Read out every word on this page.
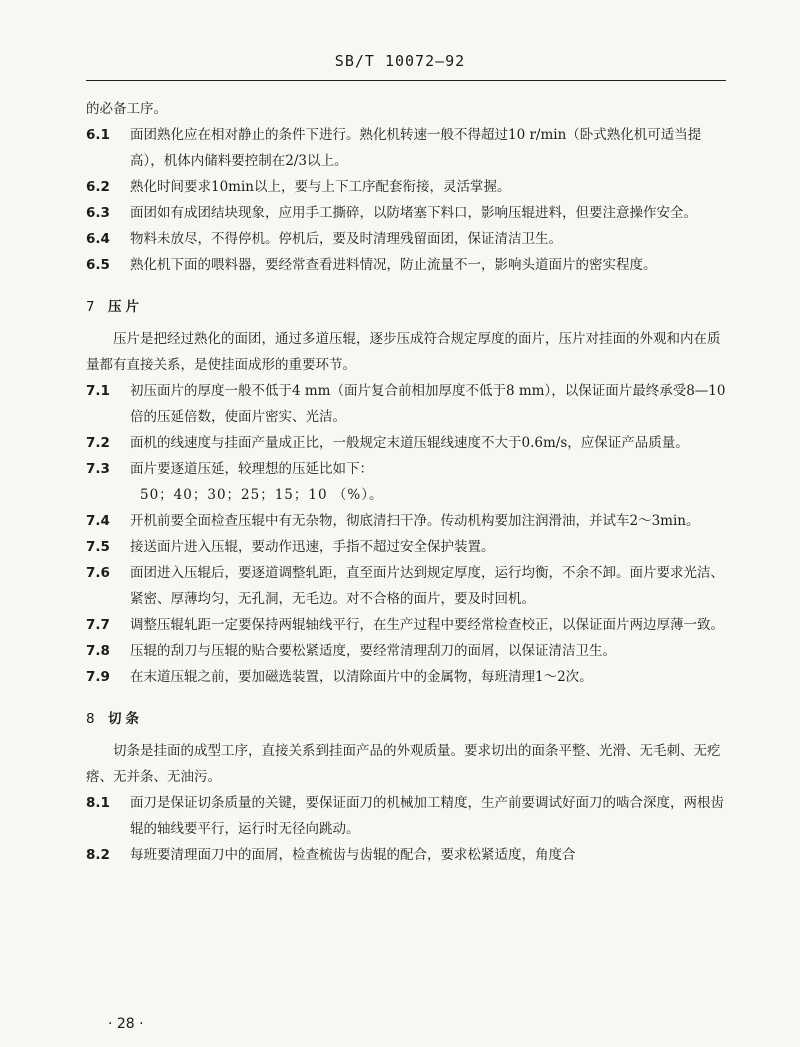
SB/T 10072—92

的必备工序。

6.1	面团熟化应在相对静止的条件下进行。熟化机转速一般不得超过10 r/min（卧式熟化机可适当提高），机体内储料要控制在2/3以上。
6.2	熟化时间要求10min以上，要与上下工序配套衔接，灵活掌握。
6.3	面团如有成团结块现象，应用手工撕碎，以防堵塞下料口，影响压辊进料，但要注意操作安全。
6.4	物料未放尽，不得停机。停机后，要及时清理残留面团，保证清洁卫生。
6.5	熟化机下面的喂料器，要经常查看进料情况，防止流量不一，影响头道面片的密实程度。
7 压片

压片是把经过熟化的面团，通过多道压辊，逐步压成符合规定厚度的面片，压片对挂面的外观和内在质量都有直接关系，是使挂面成形的重要环节。

7.1	初压面片的厚度一般不低于4 mm（面片复合前相加厚度不低于8 mm），以保证面片最终承受8—10倍的压延倍数，使面片密实、光洁。
7.2	面机的线速度与挂面产量成正比，一般规定末道压辊线速度不大于0.6m/s，应保证产品质量。
7.3	面片要逐道压延，较理想的压延比如下：

50；40；30；25；15；10 （%）。

7.4	开机前要全面检查压辊中有无杂物，彻底清扫干净。传动机构要加注润滑油，并试车2～3min。
7.5	接送面片进入压辊，要动作迅速，手指不超过安全保护装置。
7.6	面团进入压辊后，要逐道调整轧距，直至面片达到规定厚度，运行均衡，不余不卸。面片要求光洁、紧密、厚薄均匀，无孔洞，无毛边。对不合格的面片，要及时回机。
7.7	调整压辊轧距一定要保持两辊轴线平行，在生产过程中要经常检查校正，以保证面片两边厚薄一致。
7.8	压辊的刮刀与压辊的贴合要松紧适度，要经常清理刮刀的面屑，以保证清洁卫生。
7.9	在末道压辊之前，要加磁选装置，以清除面片中的金属物，每班清理1～2次。
8 切条

切条是挂面的成型工序，直接关系到挂面产品的外观质量。要求切出的面条平整、光滑、无毛刺、无疙瘩、无并条、无油污。

8.1	面刀是保证切条质量的关键，要保证面刀的机械加工精度，生产前要调试好面刀的啮合深度，两根齿辊的轴线要平行，运行时无径向跳动。
8.2	每班要清理面刀中的面屑，检查梳齿与齿辊的配合，要求松紧适度，角度合
· 28 ·
